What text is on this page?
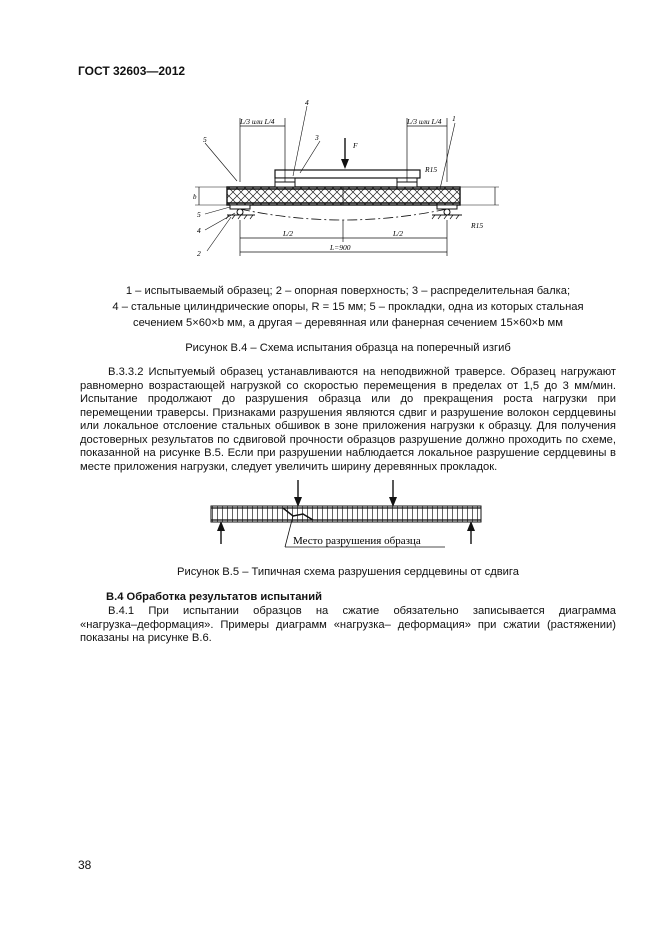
ГОСТ 32603—2012
L/3 или L/4	L/3 или L/4
F
R15
R15
b
L/2	L/2
L=900
4
3
1
5
5
4
2
1 – испытываемый образец; 2 – опорная поверхность; 3 – распределительная балка;
4 – стальные цилиндрические опоры, R = 15 мм; 5 – прокладки, одна из которых стальная
сечением 5×60×b мм, а другая – деревянная или фанерная сечением 15×60×b мм
Рисунок В.4 – Схема испытания образца на поперечный изгиб
В.3.3.2 Испытуемый образец устанавливаются на неподвижной траверсе. Образец нагружают
равномерно возрастающей нагрузкой со скоростью перемещения в пределах от 1,5 до 3 мм/мин.
Испытание продолжают до разрушения образца или до прекращения роста нагрузки при
перемещении траверсы. Признаками разрушения являются сдвиг и разрушение волокон сердцевины
или локальное отслоение стальных обшивок в зоне приложения нагрузки к образцу. Для получения
достоверных результатов по сдвиговой прочности образцов разрушение должно проходить по схеме,
показанной на рисунке В.5. Если при разрушении наблюдается локальное разрушение сердцевины в
месте приложения нагрузки, следует увеличить ширину деревянных прокладок.
Место разрушения образца
Рисунок В.5 – Типичная схема разрушения сердцевины от сдвига
В.4 Обработка результатов испытаний
В.4.1 При испытании образцов на сжатие обязательно записывается диаграмма
«нагрузка–деформация». Примеры диаграмм «нагрузка– деформация» при сжатии (растяжении)
показаны на рисунке В.6.
38
